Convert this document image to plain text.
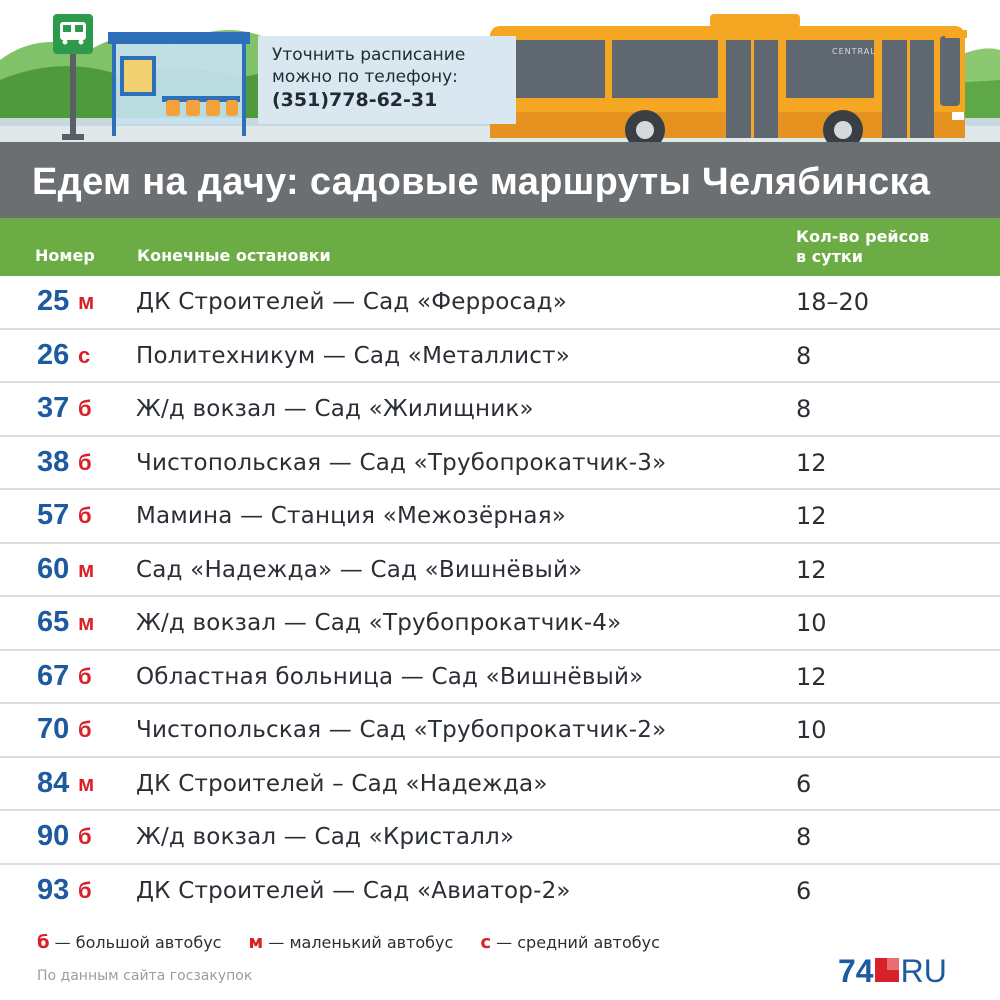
CENTRAL
Уточнить расписание
можно по телефону:
(351)778-62-31
Едем на дачу: садовые маршруты Челябинска
Номер	Конечные остановки
Кол-во рейсов
в сутки
25 м ДК Строителей — Сад «Ферросад»	18–20
26 с Политехникум — Сад «Металлист»	8
37 б Ж/д вокзал — Сад «Жилищник»	8
38 б Чистопольская — Сад «Трубопрокатчик-3»	12
57 б Мамина — Станция «Межозёрная»	12
60 м Сад «Надежда» — Сад «Вишнёвый»	12
65 м Ж/д вокзал — Сад «Трубопрокатчик-4»	10
67 б Областная больница — Сад «Вишнёвый»	12
70 б Чистопольская — Сад «Трубопрокатчик-2»	10
84 м ДК Строителей – Сад «Надежда»	6
90 б Ж/д вокзал — Сад «Кристалл»	8
93 б ДК Строителей — Сад «Авиатор-2»	6
б — большой автобус м — маленький автобус с — средний автобус
По данным сайта госзакупок	74 RU
